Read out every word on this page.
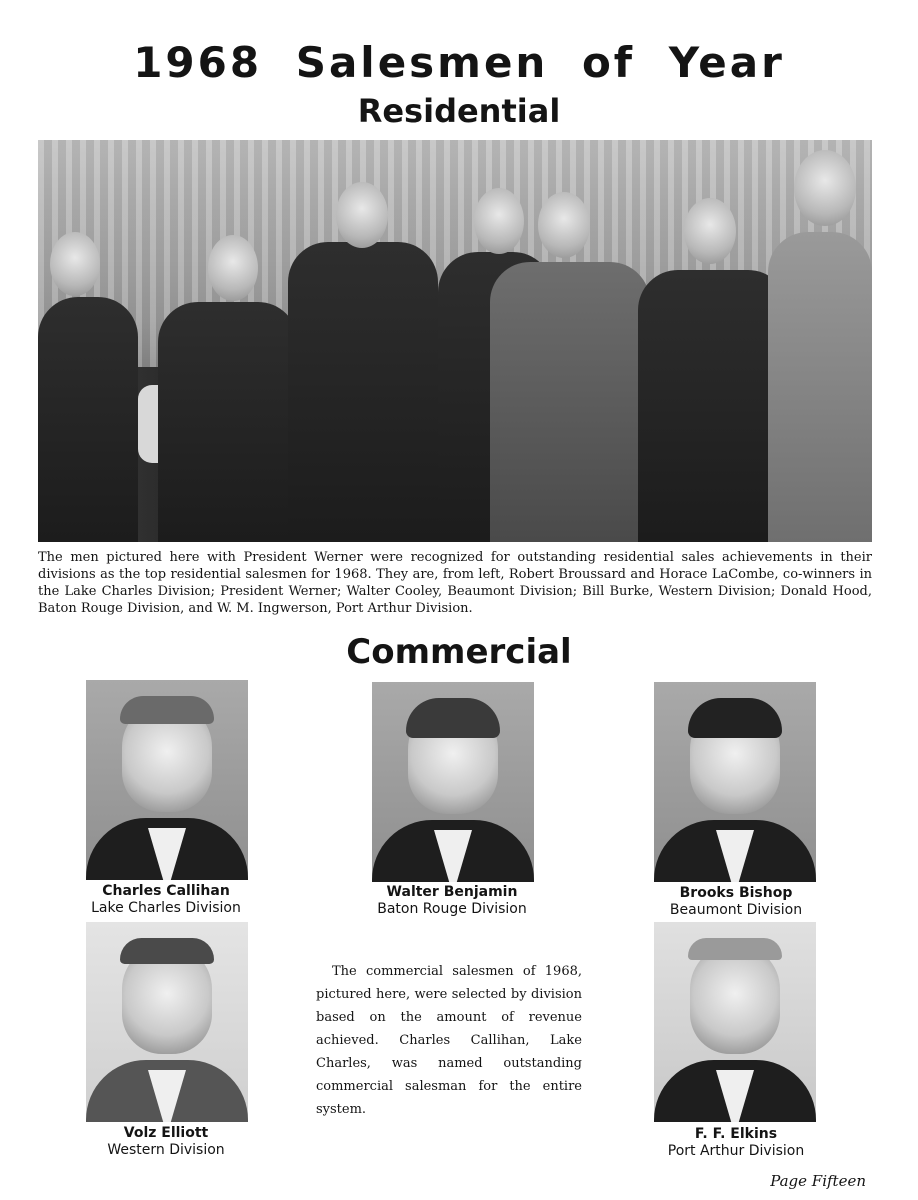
1968 Salesmen of Year
Residential

The men pictured here with President Werner were recognized for outstanding residential sales achievements in their divisions as the top residential salesmen for 1968. They are, from left, Robert Broussard and Horace LaCombe, co-winners in the Lake Charles Division; President Werner; Walter Cooley, Beaumont Division; Bill Burke, Western Division; Donald Hood, Baton Rouge Division, and W. M. Ingwerson, Port Arthur Division.

Commercial
Charles Callihan
Lake Charles Division
Walter Benjamin
Baton Rouge Division
Brooks Bishop
Beaumont Division
Volz Elliott
Western Division
F. F. Elkins
Port Arthur Division

The commercial salesmen of 1968, pictured here, were selected by division based on the amount of revenue achieved. Charles Callihan, Lake Charles, was named outstanding commercial salesman for the entire system.

Page Fifteen
